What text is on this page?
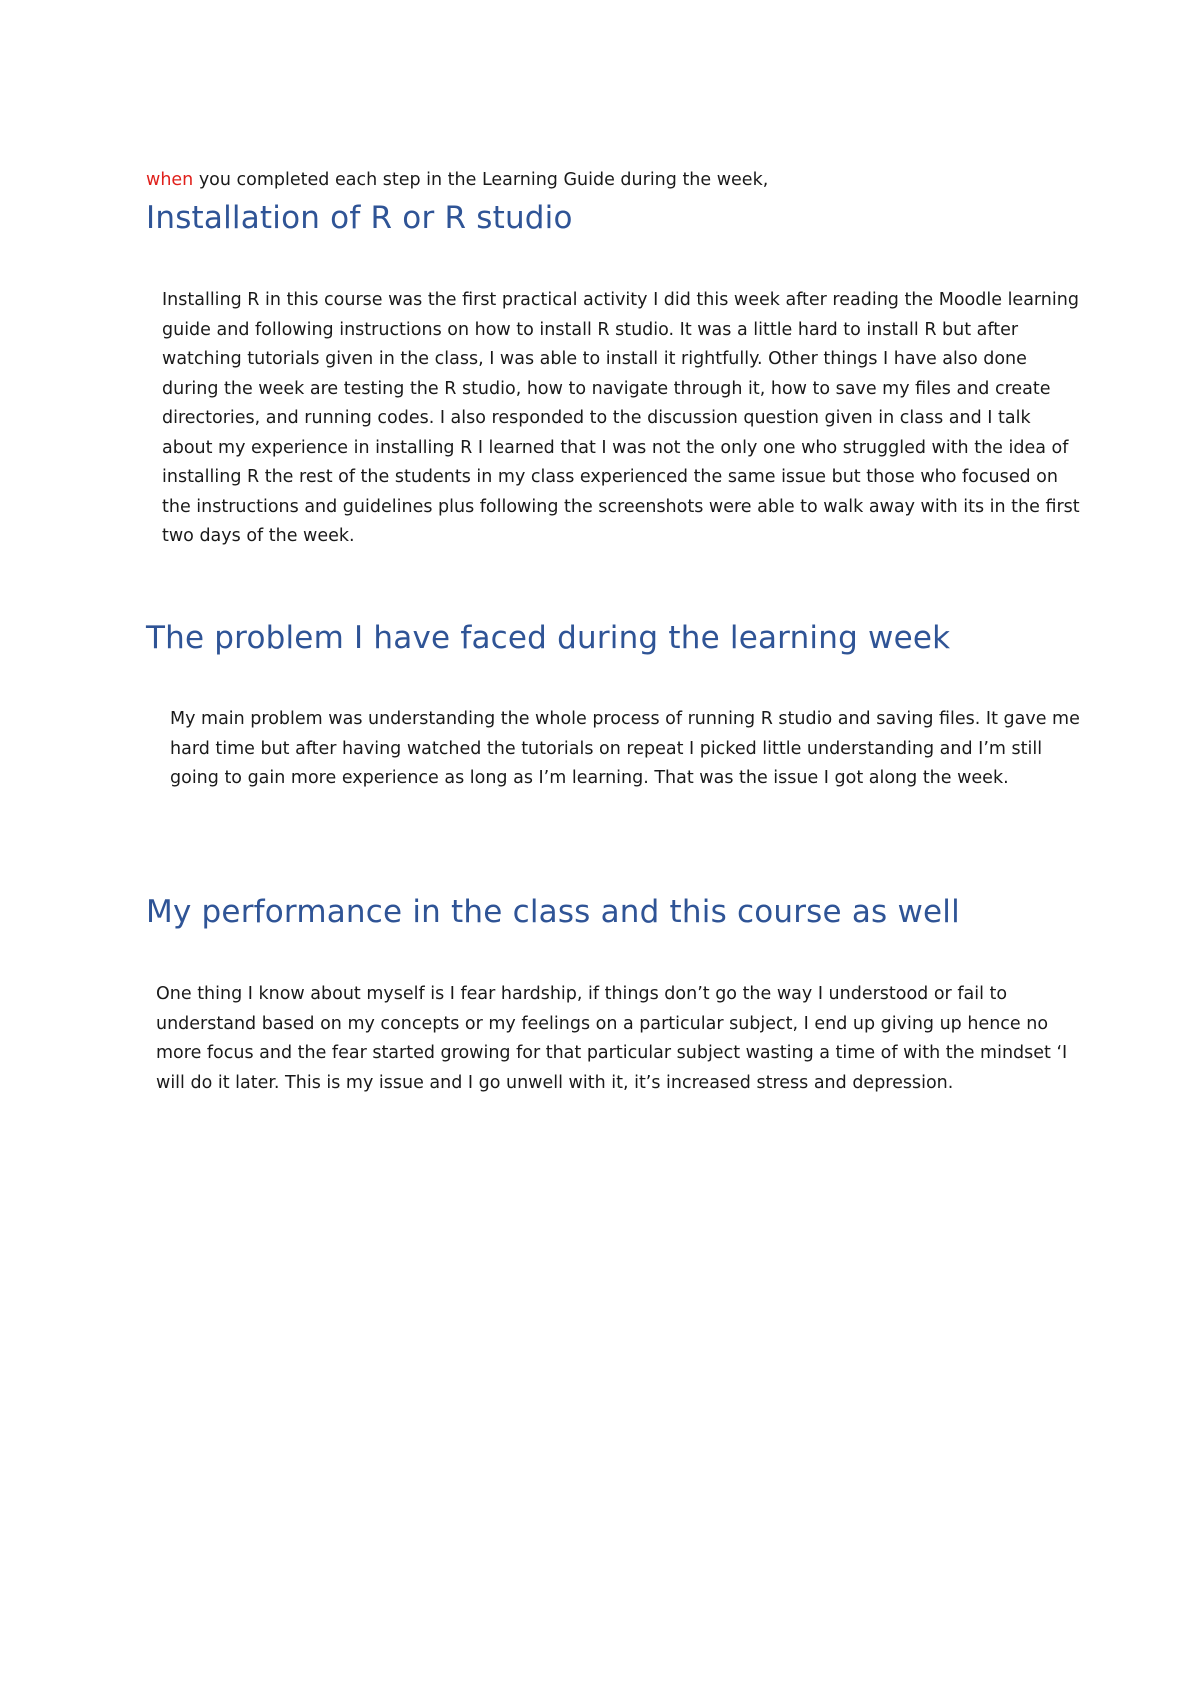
when you completed each step in the Learning Guide during the week,

Installation of R or R studio

Installing R in this course was the first practical activity I did this week after reading the Moodle learning guide and following instructions on how to install R studio. It was a little hard to install R but after watching tutorials given in the class, I was able to install it rightfully. Other things I have also done during the week are testing the R studio, how to navigate through it, how to save my files and create directories, and running codes. I also responded to the discussion question given in class and I talk about my experience in installing R I learned that I was not the only one who struggled with the idea of installing R the rest of the students in my class experienced the same issue but those who focused on the instructions and guidelines plus following the screenshots were able to walk away with its in the first two days of the week.

The problem I have faced during the learning week

My main problem was understanding the whole process of running R studio and saving files. It gave me hard time but after having watched the tutorials on repeat I picked little understanding and I’m still going to gain more experience as long as I’m learning. That was the issue I got along the week.

My performance in the class and this course as well

One thing I know about myself is I fear hardship, if things don’t go the way I understood or fail to understand based on my concepts or my feelings on a particular subject, I end up giving up hence no more focus and the fear started growing for that particular subject wasting a time of with the mindset ‘I will do it later. This is my issue and I go unwell with it, it’s increased stress and depression.
